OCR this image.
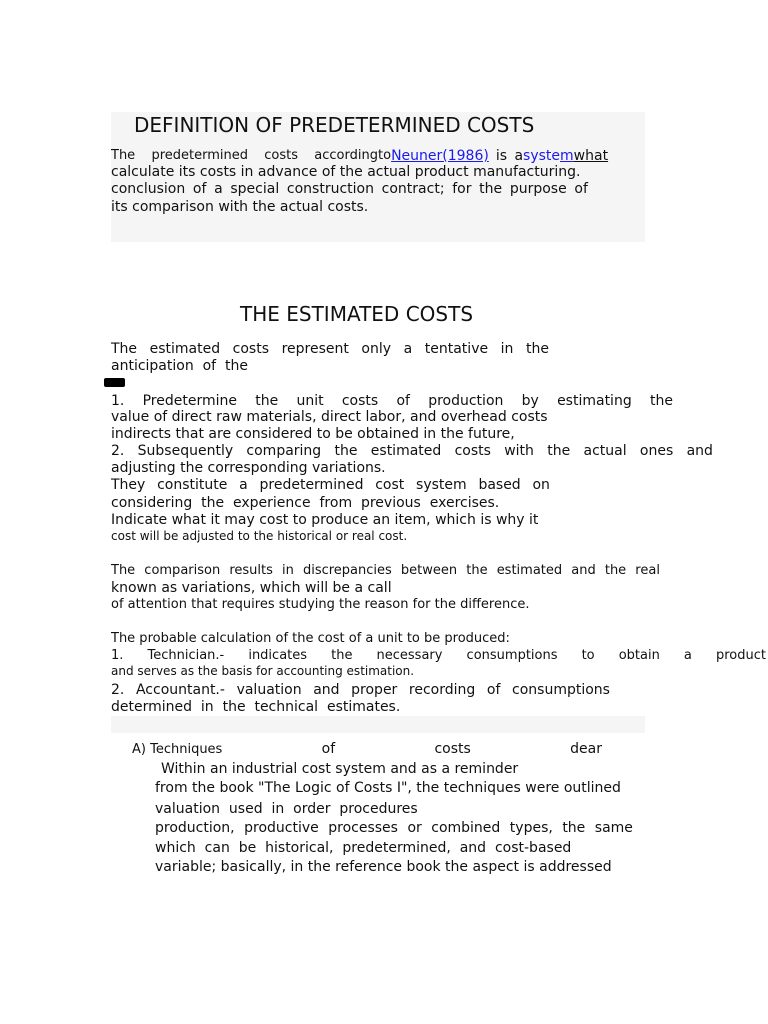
DEFINITION OF PREDETERMINED COSTS
The predetermined costs according to Neuner(1986) is a syste m what
calculate its costs in advance of the actual product manufacturing.
conclusion of a special construction contract; for the purpose of
its comparison with the actual costs.
THE ESTIMATED COSTS
The estimated costs represent only a tentative in the
anticipation  of  the
1. Predetermine the unit costs of production by estimating the
value of direct raw materials, direct labor, and overhead costs
indirects that are considered to be obtained in the future,
2. Subsequently comparing the estimated costs with the actual ones and
adjusting the corresponding variations.
They constitute a predetermined cost system based on
considering  the  experience  from  previous  exercises.
Indicate what it may cost to produce an item, which is why it
cost will be adjusted to the historical or real cost.
The comparison results in discrepancies between the estimated and the real
known as variations, which will be a call
of attention that requires studying the reason for the difference.
The probable calculation of the cost of a unit to be produced:
1. Technician.- indicates the necessary consumptions to obtain a product
and serves as the basis for accounting estimation.
2. Accountant.- valuation and proper recording of consumptions
determined  in  the  technical  estimates.
A) Techniques	of	costs	dear
Within an industrial cost system and as a reminder
from the book "The Logic of Costs I", the techniques were outlined
valuation  used  in  order  procedures
production, productive processes or combined types, the same
which  can  be  historical,  predetermined,  and  cost-based
variable; basically, in the reference book the aspect is addressed
